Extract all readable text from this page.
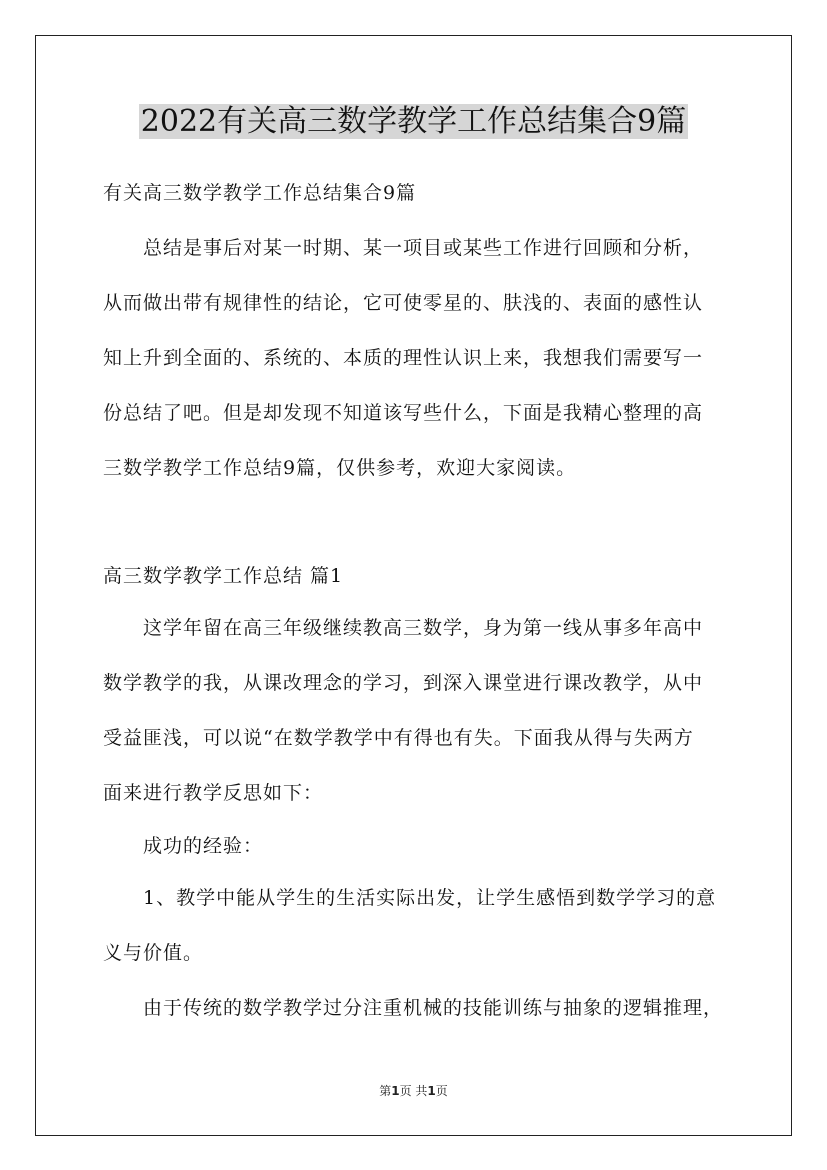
2022有关高三数学教学工作总结集合9篇
有关高三数学教学工作总结集合9篇
总结是事后对某一时期、某一项目或某些工作进行回顾和分析，
从而做出带有规律性的结论，它可使零星的、肤浅的、表面的感性认
知上升到全面的、系统的、本质的理性认识上来，我想我们需要写一
份总结了吧。但是却发现不知道该写些什么，下面是我精心整理的高
三数学教学工作总结9篇，仅供参考，欢迎大家阅读。
高三数学教学工作总结 篇1
这学年留在高三年级继续教高三数学，身为第一线从事多年高中
数学教学的我，从课改理念的学习，到深入课堂进行课改教学，从中
受益匪浅，可以说“在数学教学中有得也有失。下面我从得与失两方
面来进行教学反思如下：
成功的经验：
1、教学中能从学生的生活实际出发，让学生感悟到数学学习的意
义与价值。
由于传统的数学教学过分注重机械的技能训练与抽象的逻辑推理，
第1页 共1页
